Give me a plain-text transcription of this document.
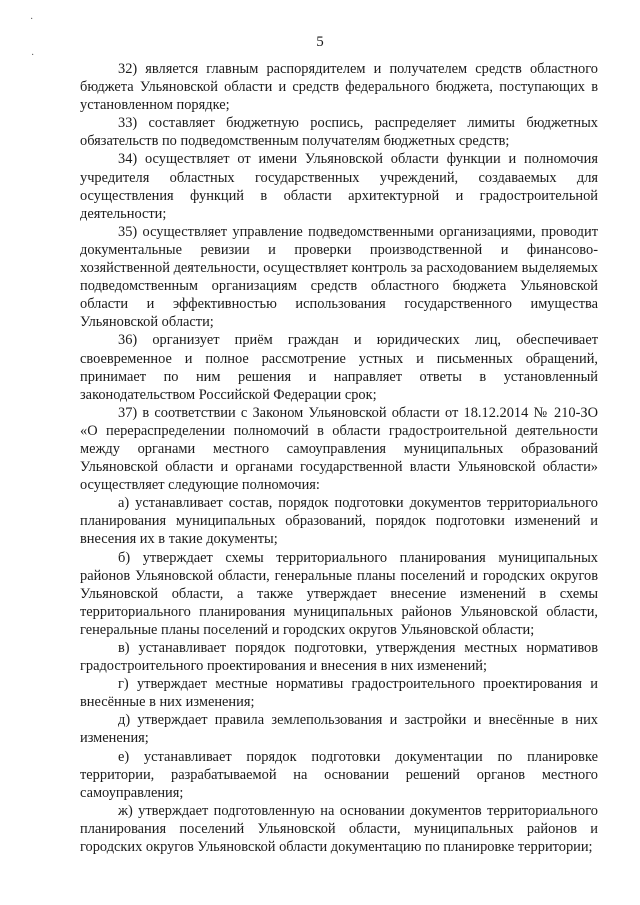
·
·
5

32) является главным распорядителем и получателем средств областного бюджета Ульяновской области и средств федерального бюджета, поступающих в установленном порядке;

33) составляет бюджетную роспись, распределяет лимиты бюджетных обязательств по подведомственным получателям бюджетных средств;

34) осуществляет от имени Ульяновской области функции и полномочия учредителя областных государственных учреждений, создаваемых для осуществления функций в области архитектурной и градостроительной деятельности;

35) осуществляет управление подведомственными организациями, проводит документальные ревизии и проверки производственной и финансово-хозяйственной деятельности, осуществляет контроль за расходованием выделяемых подведомственным организациям средств областного бюджета Ульяновской области и эффективностью использования государственного имущества Ульяновской области;

36) организует приём граждан и юридических лиц, обеспечивает своевременное и полное рассмотрение устных и письменных обращений, принимает по ним решения и направляет ответы в установленный законодательством Российской Федерации срок;

37) в соответствии с Законом Ульяновской области от 18.12.2014 № 210-ЗО «О перераспределении полномочий в области градостроительной деятельности между органами местного самоуправления муниципальных образований Ульяновской области и органами государственной власти Ульяновской области» осуществляет следующие полномочия:

а) устанавливает состав, порядок подготовки документов территориального планирования муниципальных образований, порядок подготовки изменений и внесения их в такие документы;

б) утверждает схемы территориального планирования муниципальных районов Ульяновской области, генеральные планы поселений и городских округов Ульяновской области, а также утверждает внесение изменений в схемы территориального планирования муниципальных районов Ульяновской области, генеральные планы поселений и городских округов Ульяновской области;

в) устанавливает порядок подготовки, утверждения местных нормативов градостроительного проектирования и внесения в них изменений;

г) утверждает местные нормативы градостроительного проектирования и внесённые в них изменения;

д) утверждает правила землепользования и застройки и внесённые в них изменения;

е) устанавливает порядок подготовки документации по планировке территории, разрабатываемой на основании решений органов местного самоуправления;

ж) утверждает подготовленную на основании документов территориального планирования поселений Ульяновской области, муниципальных районов и городских округов Ульяновской области документацию по планировке территории;
